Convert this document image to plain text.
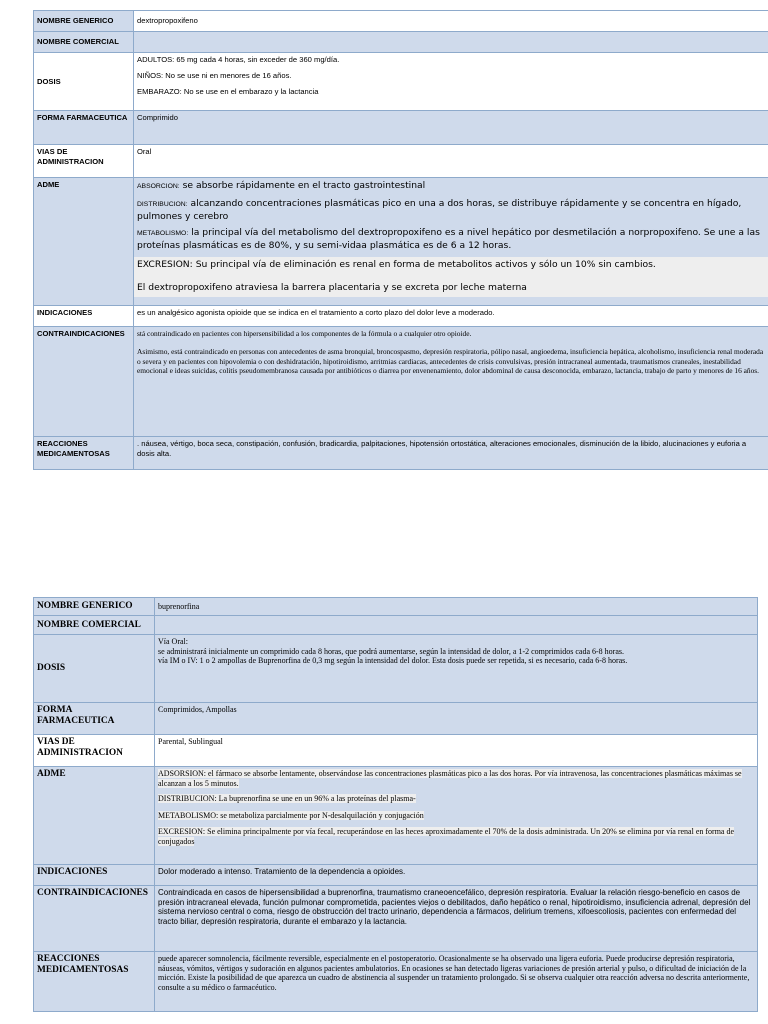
NOMBRE GENERICO	dextropropoxifeno
NOMBRE COMERCIAL	
DOSIS	ADULTOS: 65 mg cada 4 horas, sin exceder de 360 mg/día.

NIÑOS: No se use ni en menores de 16 años.

EMBARAZO: No se use en el embarazo y la lactancia

FORMA FARMACEUTICA	Comprimido
VIAS DE ADMINISTRACION	Oral
ADME	ABSORCION: se absorbe rápidamente en el tracto gastrointestinal

DISTRIBUCION: alcanzando concentraciones plasmáticas pico en una a dos horas, se distribuye rápidamente y se concentra en hígado, pulmones y cerebro

METABOLISMO: la principal vía del metabolismo del dextropropoxifeno es a nivel hepático por desmetilación a norpropoxifeno. Se une a las proteínas plasmáticas es de 80%, y su semi-vidaa plasmática es de 6 a 12 horas.

EXCRESION: Su principal vía de eliminación es renal en forma de metabolitos activos y sólo un 10% sin cambios.

El dextropropoxifeno atraviesa la barrera placentaria y se excreta por leche materna

INDICACIONES	es un analgésico agonista opioide que se indica en el tratamiento a corto plazo del dolor leve a moderado.
CONTRAINDICACIONES	stá contraindicado en pacientes con hipersensibilidad a los componentes de la fórmula o a cualquier otro opioide.

Asimismo, está contraindicado en personas con antecedentes de asma bronquial, broncospasmo, depresión respiratoria, pólipo nasal, angioedema, insuficiencia hepática, alcoholismo, insuficiencia renal moderada o severa y en pacientes con hipovolemia o con deshidratación, hipotiroidismo, arritmias cardiacas, antecedentes de crisis convulsivas, presión intracraneal aumentada, traumatismos craneales, inestabilidad emocional e ideas suicidas, colitis pseudomembranosa causada por antibióticos o diarrea por envenenamiento, dolor abdominal de causa desconocida, embarazo, lactancia, trabajo de parto y menores de 16 años.

REACCIONES MEDICAMENTOSAS	. náusea, vértigo, boca seca, constipación, confusión, bradicardia, palpitaciones, hipotensión ortostática, alteraciones emocionales, disminución de la libido, alucinaciones y euforia a dosis alta.
NOMBRE GENERICO	buprenorfina
NOMBRE COMERCIAL	
DOSIS	Vía Oral:

se administrará inicialmente un comprimido cada 8 horas, que podrá aumentarse, según la intensidad de dolor, a 1-2 comprimidos cada 6-8 horas.

vía IM o IV: 1 o 2 ampollas de Buprenorfina de 0,3 mg según la intensidad del dolor. Esta dosis puede ser repetida, si es necesario, cada 6-8 horas.

FORMA FARMACEUTICA	Comprimidos, Ampollas
VIAS DE ADMINISTRACION	Parental, Sublingual
ADME	ADSORSION: el fármaco se absorbe lentamente, observándose las concentraciones plasmáticas pico a las dos horas. Por vía intravenosa, las concentraciones plasmáticas máximas se alcanzan a los 5 minutos.

DISTRIBUCION: La buprenorfina se une en un 96% a las proteínas del plasma-

METABOLISMO: se metaboliza parcialmente por N-desalquilación y conjugación

EXCRESION: Se elimina principalmente por vía fecal, recuperándose en las heces aproximadamente el 70% de la dosis administrada. Un 20% se elimina por vía renal en forma de conjugados

INDICACIONES	Dolor moderado a intenso. Tratamiento de la dependencia a opioides.
CONTRAINDICACIONES	Contraindicada en casos de hipersensibilidad a buprenorfina, traumatismo craneoencefálico, depresión respiratoria. Evaluar la relación riesgo-beneficio en casos de presión intracraneal elevada, función pulmonar comprometida, pacientes viejos o debilitados, daño hepático o renal, hipotiroidismo, insuficiencia adrenal, depresión del sistema nervioso central o coma, riesgo de obstrucción del tracto urinario, dependencia a fármacos, delirium tremens, xifoescoliosis, pacientes con enfermedad del tracto biliar, depresión respiratoria, durante el embarazo y la lactancia.
REACCIONES MEDICAMENTOSAS	puede aparecer somnolencia, fácilmente reversible, especialmente en el postoperatorio. Ocasionalmente se ha observado una ligera euforia. Puede producirse depresión respiratoria, náuseas, vómitos, vértigos y sudoración en algunos pacientes ambulatorios. En ocasiones se han detectado ligeras variaciones de presión arterial y pulso, o dificultad de iniciación de la micción. Existe la posibilidad de que aparezca un cuadro de abstinencia al suspender un tratamiento prolongado. Si se observa cualquier otra reacción adversa no descrita anteriormente, consulte a su médico o farmacéutico.
